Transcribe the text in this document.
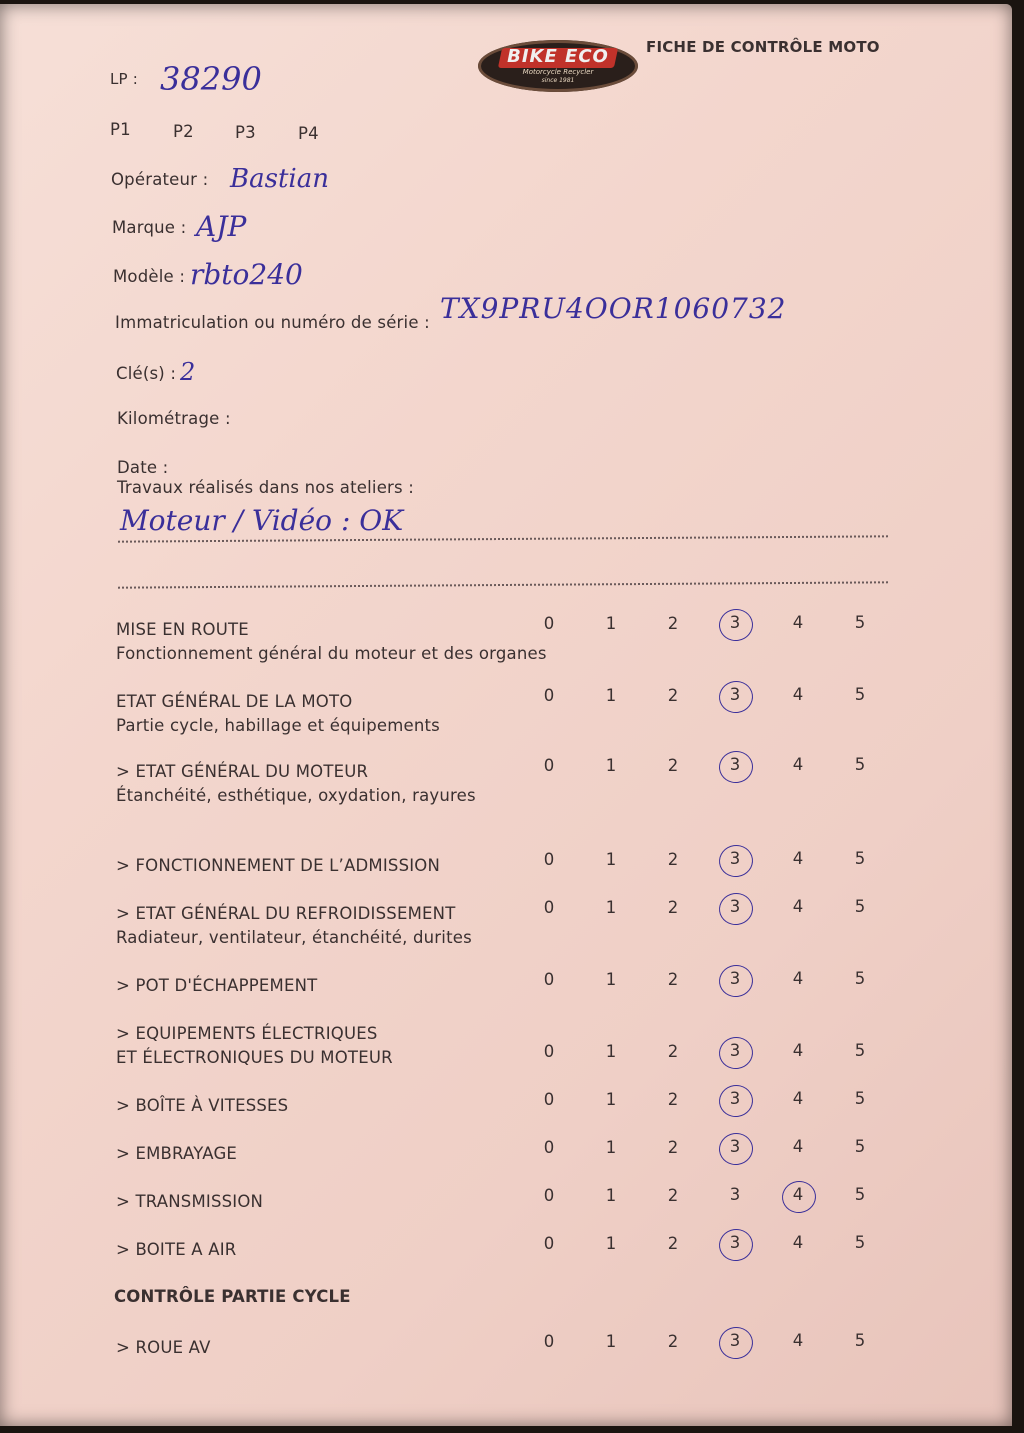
BIKE ECO
Motorcycle Recycler
since 1981
FICHE DE CONTRÔLE MOTO
LP : 38290
P1	P2 P3	P4
Opérateur : Bastian
Marque : AJP
Modèle : rbto240
Immatriculation ou numéro de série : TX9PRU4OOR1060732
Clé(s) : 2
Kilométrage :
Date :
Travaux réalisés dans nos ateliers :
Moteur / Vidéo : OK
MISE EN ROUTE
Fonctionnement général du moteur et des organes
0	1	2	3	4	5
ETAT GÉNÉRAL DE LA MOTO
Partie cycle, habillage et équipements
0	1	2	3	4	5
> ETAT GÉNÉRAL DU MOTEUR
Étanchéité, esthétique, oxydation, rayures
0	1	2	3	4	5
> FONCTIONNEMENT DE L’ADMISSION	0	1	2	3	4	5
> ETAT GÉNÉRAL DU REFROIDISSEMENT
Radiateur, ventilateur, étanchéité, durites
0	1	2	3	4	5
> POT D'ÉCHAPPEMENT	0	1	2	3	4	5
> EQUIPEMENTS ÉLECTRIQUES
ET ÉLECTRONIQUES DU MOTEUR	0	1	2	3	4	5
> BOÎTE À VITESSES	0	1	2	3	4	5
> EMBRAYAGE	0	1	2	3	4	5
> TRANSMISSION	0	1	2	3	4	5
> BOITE A AIR	0	1	2	3	4	5
CONTRÔLE PARTIE CYCLE
> ROUE AV	0	1	2	3	4	5
